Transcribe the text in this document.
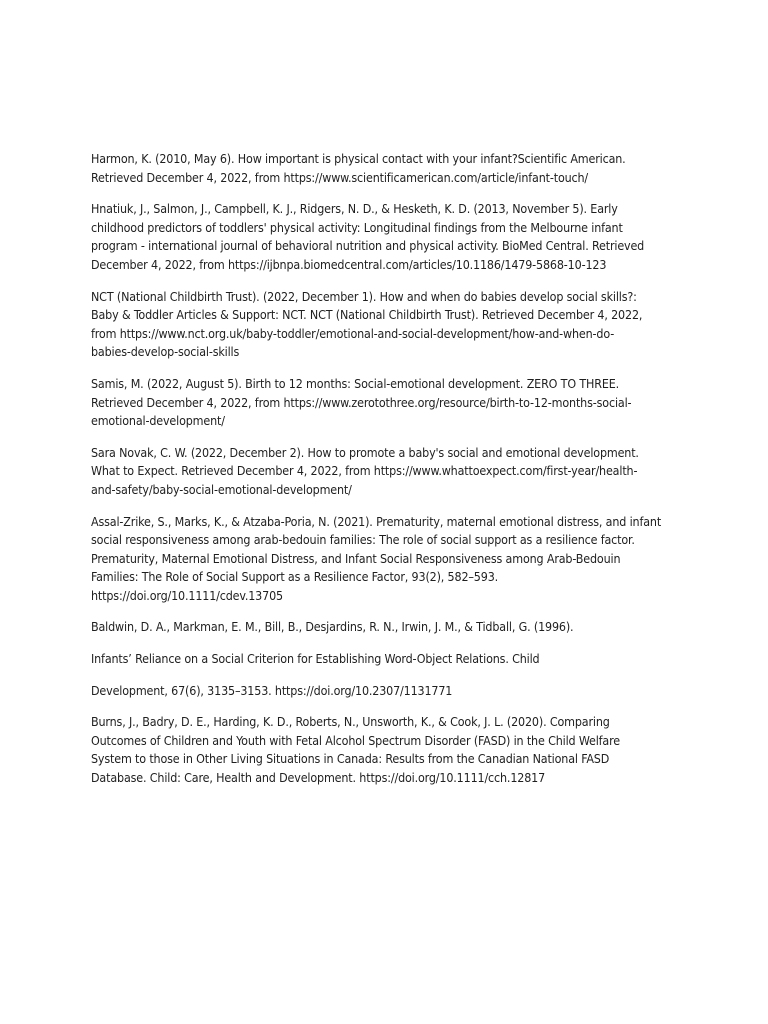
Harmon, K. (2010, May 6). How important is physical contact with your infant?Scientific American.
Retrieved December 4, 2022, from https://www.scientificamerican.com/article/infant-touch/

Hnatiuk, J., Salmon, J., Campbell, K. J., Ridgers, N. D., & Hesketh, K. D. (2013, November 5). Early
childhood predictors of toddlers' physical activity: Longitudinal findings from the Melbourne infant
program - international journal of behavioral nutrition and physical activity. BioMed Central. Retrieved
December 4, 2022, from https://ijbnpa.biomedcentral.com/articles/10.1186/1479-5868-10-123

NCT (National Childbirth Trust). (2022, December 1). How and when do babies develop social skills?:
Baby & Toddler Articles & Support: NCT. NCT (National Childbirth Trust). Retrieved December 4, 2022,
from https://www.nct.org.uk/baby-toddler/emotional-and-social-development/how-and-when-do-
babies-develop-social-skills

Samis, M. (2022, August 5). Birth to 12 months: Social-emotional development. ZERO TO THREE.
Retrieved December 4, 2022, from https://www.zerotothree.org/resource/birth-to-12-months-social-
emotional-development/

Sara Novak, C. W. (2022, December 2). How to promote a baby's social and emotional development.
What to Expect. Retrieved December 4, 2022, from https://www.whattoexpect.com/first-year/health-
and-safety/baby-social-emotional-development/

Assal-Zrike, S., Marks, K., & Atzaba-Poria, N. (2021). Prematurity, maternal emotional distress, and infant
social responsiveness among arab-bedouin families: The role of social support as a resilience factor.
Prematurity, Maternal Emotional Distress, and Infant Social Responsiveness among Arab-Bedouin
Families: The Role of Social Support as a Resilience Factor, 93(2), 582–593.
https://doi.org/10.1111/cdev.13705

Baldwin, D. A., Markman, E. M., Bill, B., Desjardins, R. N., Irwin, J. M., & Tidball, G. (1996).

Infants’ Reliance on a Social Criterion for Establishing Word-Object Relations. Child

Development, 67(6), 3135–3153. https://doi.org/10.2307/1131771

Burns, J., Badry, D. E., Harding, K. D., Roberts, N., Unsworth, K., & Cook, J. L. (2020). Comparing
Outcomes of Children and Youth with Fetal Alcohol Spectrum Disorder (FASD) in the Child Welfare
System to those in Other Living Situations in Canada: Results from the Canadian National FASD
Database. Child: Care, Health and Development. https://doi.org/10.1111/cch.12817
